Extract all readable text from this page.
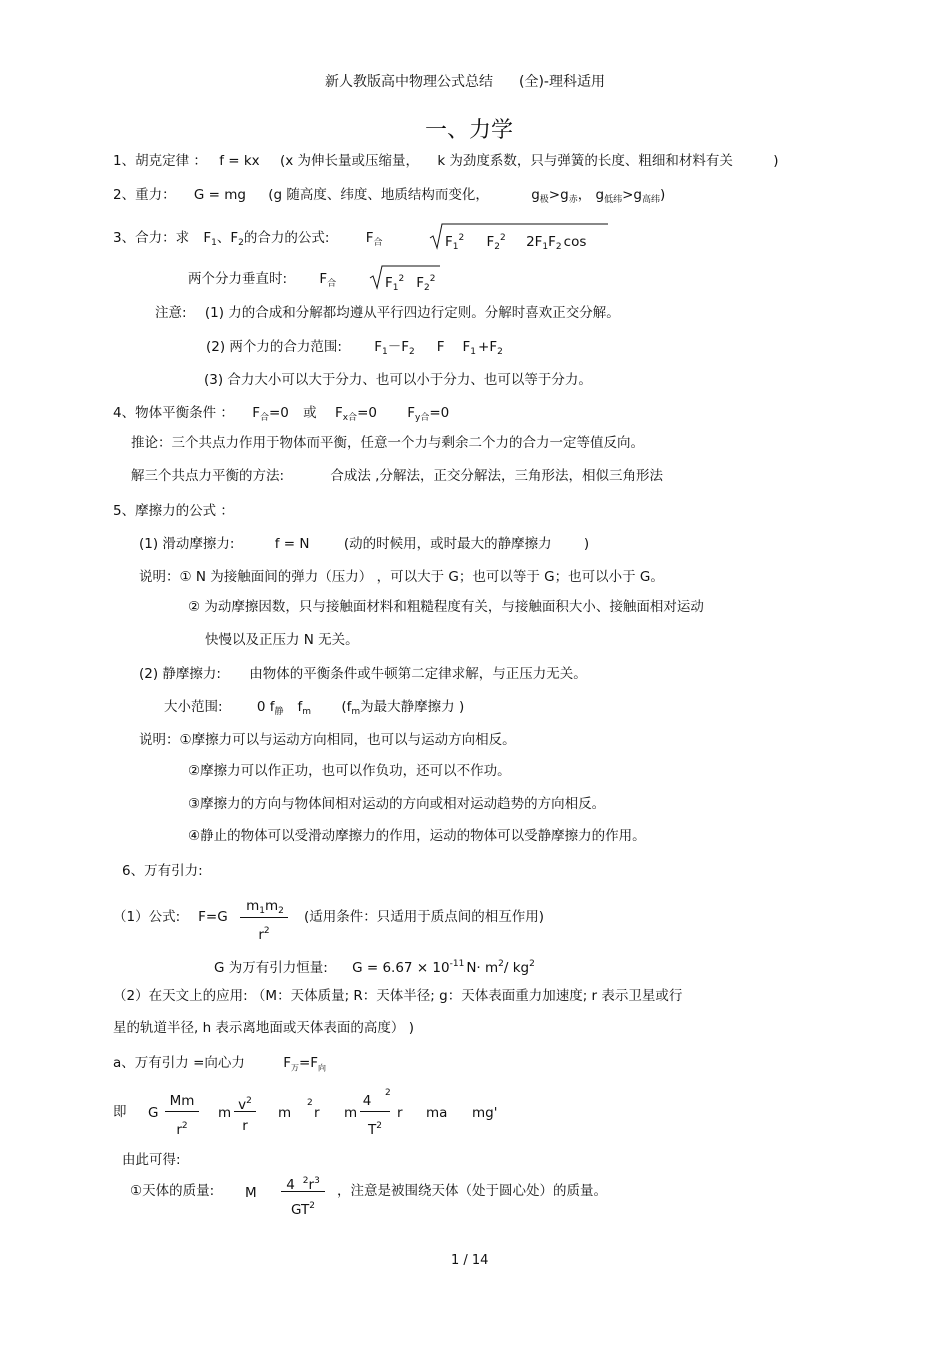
新人教版高中物理公式总结 (全)-理科适用
一、力学
1、胡克定律 ： f = kx (x 为伸长量或压缩量， k 为劲度系数，只与弹簧的长度、粗细和材料有关	)
2、重力： G = mg (g 随高度、纬度、地质结构而变化，	$g_极>g_赤$， $g_{低纬}>g_{高纬}$)
3、合力：求 $F_1$、$F_2$的合力的公式:	$F_合$	$F_1^2$ $F_2^2$ $2F_1F_2$ cos
两个分力垂直时: $F_合$	$F_1^2$ $F_2^2$
注意: (1) 力的合成和分解都均遵从平行四边行定则。分解时喜欢正交分解。
(2) 两个力的合力范围: $F_1-F_2$ F $F_1 +F_2$
(3) 合力大小可以大于分力、也可以小于分力、也可以等于分力。
4、物体平衡条件 ： $F_合=0$ 或 $F_{x合}=0$ $F_{y合}=0$
推论：三个共点力作用于物体而平衡，任意一个力与剩余二个力的合力一定等值反向。
解三个共点力平衡的方法:	合成法 ,分解法，正交分解法，三角形法，相似三角形法
5、摩擦力的公式 ：
(1) 滑动摩擦力:	f = N	(动的时候用，或时最大的静摩擦力 )
说明：① N 为接触面间的弹力（压力） ，可以大于 G；也可以等于 G；也可以小于 G。
② 为动摩擦因数，只与接触面材料和粗糙程度有关，与接触面积大小、接触面相对运动
快慢以及正压力 N 无关。
(2) 静摩擦力: 由物体的平衡条件或牛顿第二定律求解，与正压力无关。
大小范围:	0 $f_静$ $f_m$ ($f_m$为最大静摩擦力 )
说明：①摩擦力可以与运动方向相同，也可以与运动方向相反。
②摩擦力可以作正功，也可以作负功，还可以不作功。
③摩擦力的方向与物体间相对运动的方向或相对运动趋势的方向相反。
④静止的物体可以受滑动摩擦力的作用，运动的物体可以受静摩擦力的作用。
6、万有引力:
（1）公式: F=G
$m_1m_2$
$r^2$
(适用条件：只适用于质点间的相互作用)
G 为万有引力恒量: $G = 6.67 \times 10^{-11}$ $N\cdot m^2/$ $kg^2$
（2）在天文上的应用: （M：天体质量; R：天体半径; g：天体表面重力加速度; r 表示卫星或行
星的轨道半径, h 表示离地面或天体表面的高度） )
a、万有引力 =向心力	$F_万=F_向$
即 G
Mm
$r^2$
m $v^2$
r
m
2
r m
4	2
$T^2$
r ma mg'
由此可得:
①天体的质量: M	4 $^2r^3$
$GT^2$
，注意是被围绕天体（处于圆心处）的质量。
1 / 14
